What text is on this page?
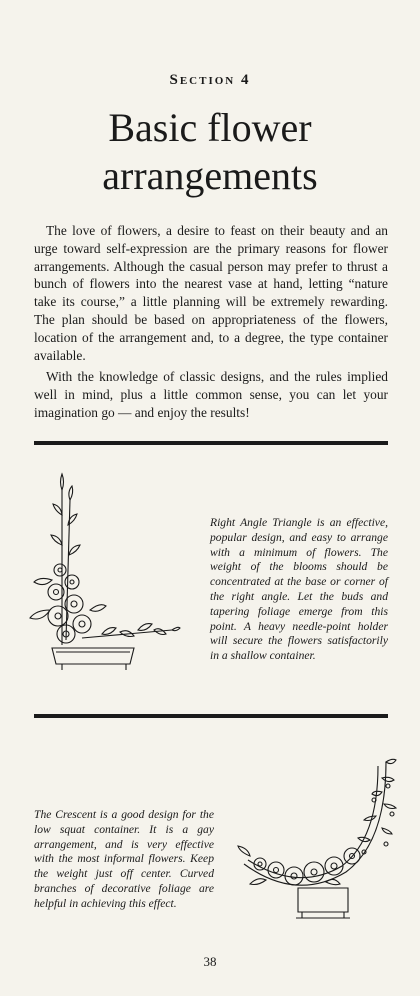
Section 4
Basic flower
arrangements

The love of flowers, a desire to feast on their beauty and an urge toward self-expression are the primary reasons for flower arrangements. Although the casual person may prefer to thrust a bunch of flowers into the nearest vase at hand, letting “nature take its course,” a little planning will be extremely rewarding. The plan should be based on appropriateness of the flowers, location of the arrangement and, to a degree, the type container available.

With the knowledge of classic designs, and the rules implied well in mind, plus a little common sense, you can let your imagination go — and enjoy the results!

Right Angle Triangle is an effective, popular design, and easy to arrange with a minimum of flowers. The weight of the blooms should be concentrated at the base or corner of the right angle. Let the buds and tapering foliage emerge from this point. A heavy needle-point holder will secure the flowers satisfactorily in a shallow container.
The Crescent is a good design for the low squat container. It is a gay arrangement, and is very effective with the most informal flowers. Keep the weight just off center. Curved branches of decorative foliage are helpful in achieving this effect.
38
